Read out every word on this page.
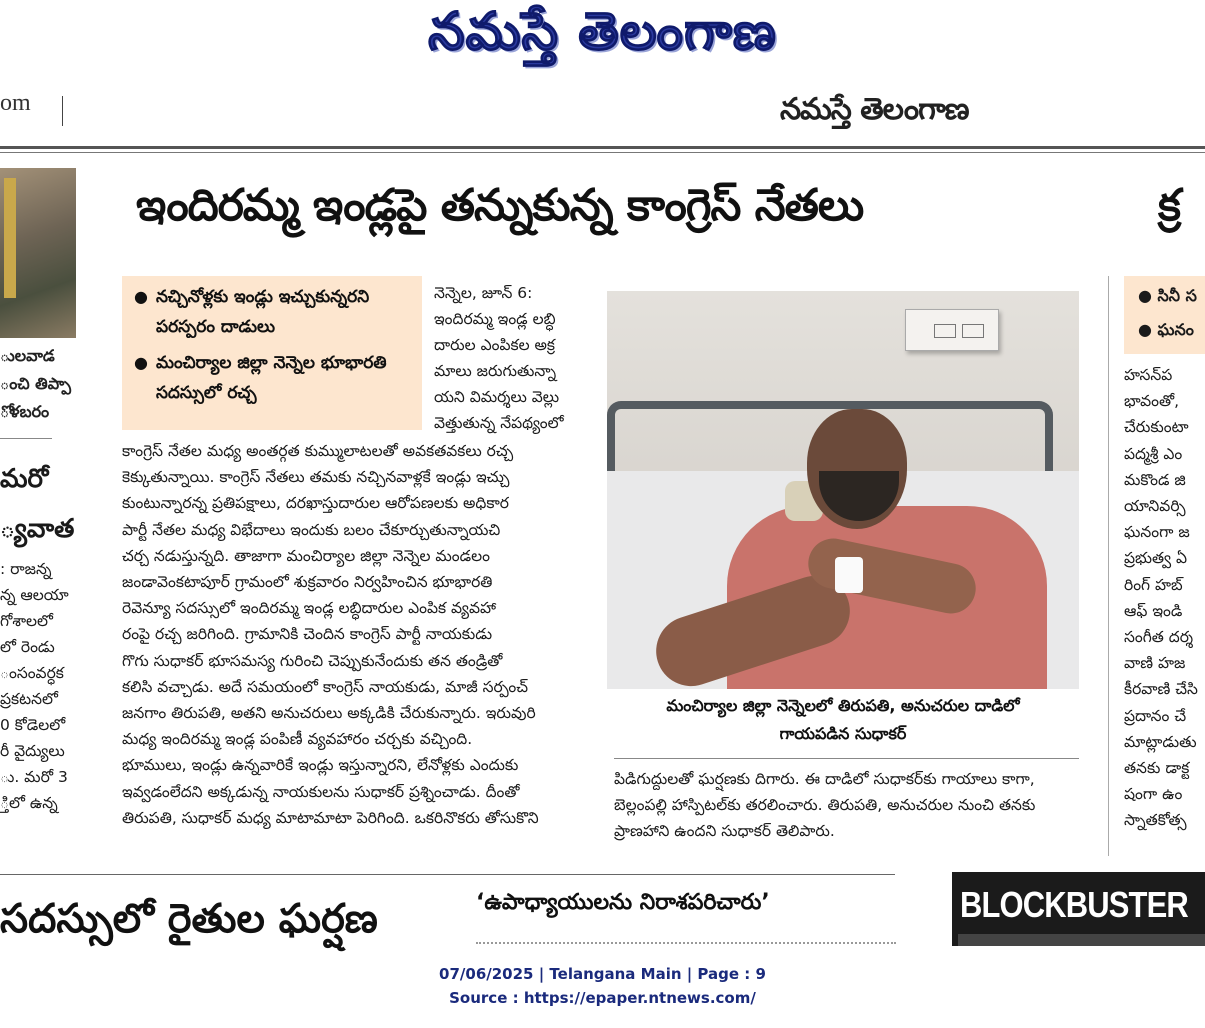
నమస్తే తెలంగాణ
om	నమస్తే తెలంగాణ
ులవాడ
ంచి తిప్పా
ోళబరం
మరో
్యవాత
: రాజన్న
న్న ఆలయా
గోశాలలో
లో రెండు
ంసంవర్ధక
ప్రకటనలో
0 కోడెలలో
రీ వైద్యులు
ు. మరో 3
్తిలో ఉన్న
ఇందిరమ్మ ఇండ్లపై తన్నుకున్న కాంగ్రెస్ నేతలు
● నచ్చినోళ్లకు ఇండ్లు ఇచ్చుకున్నరని పరస్పరం దాడులు
● మంచిర్యాల జిల్లా నెన్నెల భూభారతి సదస్సులో రచ్చ
నెన్నెల, జూన్ 6:
ఇందిరమ్మ ఇండ్ల లబ్ధి
దారుల ఎంపికల అక్ర
మాలు జరుగుతున్నా
యని విమర్శలు వెల్లు
వెత్తుతున్న నేపథ్యంలో
కాంగ్రెస్ నేతల మధ్య అంతర్గత కుమ్ములాటలతో అవకతవకలు రచ్చ
కెక్కుతున్నాయి. కాంగ్రెస్ నేతలు తమకు నచ్చినవాళ్లకే ఇండ్లు ఇచ్చు
కుంటున్నారన్న ప్రతిపక్షాలు, దరఖాస్తుదారుల ఆరోపణలకు అధికార
పార్టీ నేతల మధ్య విభేదాలు ఇందుకు బలం చేకూర్చుతున్నాయచి
చర్చ నడుస్తున్నది. తాజాగా మంచిర్యాల జిల్లా నెన్నెల మండలం
జండావెంకటాపూర్ గ్రామంలో శుక్రవారం నిర్వహించిన భూభారతి
రెవెన్యూ సదస్సులో ఇందిరమ్మ ఇండ్ల లబ్ధిదారుల ఎంపిక వ్యవహా
రంపై రచ్చ జరిగింది. గ్రామానికి చెందిన కాంగ్రెస్ పార్టీ నాయకుడు
గొగు సుధాకర్ భూసమస్య గురించి చెప్పుకునేందుకు తన తండ్రితో
కలిసి వచ్చాడు. అదే సమయంలో కాంగ్రెస్ నాయకుడు, మాజీ సర్పంచ్
జనగాం తిరుపతి, అతని అనుచరులు అక్కడికి చేరుకున్నారు. ఇరువురి
మధ్య ఇందిరమ్మ ఇండ్ల పంపిణీ వ్యవహారం చర్చకు వచ్చింది.
భూములు, ఇండ్లు ఉన్నవారికే ఇండ్లు ఇస్తున్నారని, లేనోళ్లకు ఎందుకు
ఇవ్వడంలేదని అక్కడున్న నాయకులను సుధాకర్ ప్రశ్నించాడు. దీంతో
తిరుపతి, సుధాకర్ మధ్య మాటామాటా పెరిగింది. ఒకరినొకరు తోసుకొని
మంచిర్యాల జిల్లా నెన్నెలలో తిరుపతి, అనుచరుల దాడిలో
గాయపడిన సుధాకర్
పిడిగుద్దులతో ఘర్షణకు దిగారు. ఈ దాడిలో సుధాకర్‌కు గాయాలు కాగా,
బెల్లంపల్లి హాస్పిటల్‌కు తరలించారు. తిరుపతి, అనుచరుల నుంచి తనకు
ప్రాణహాని ఉందని సుధాకర్ తెలిపారు.
క్ర
● సినీ స
● ఘనం
హసన్‌ప
భావంతో,
చేరుకుంటా
పద్మశ్రీ ఎం
మకొండ జి
యానివర్సి
ఘనంగా జ
ప్రభుత్వ ఏ
రింగ్ హబ్
ఆఫ్ ఇండి
సంగీత దర్శ
వాణి హజ
కీరవాణి చేసి
ప్రదానం చే
మాట్లాడుతు
తనకు డాక్ట
షంగా ఉం
స్నాతకోత్స
సదస్సులో రైతుల ఘర్షణ	‘ఉపాధ్యాయులను నిరాశపరిచారు’	BLOCKBUSTER
07/06/2025 | Telangana Main | Page : 9
Source : https://epaper.ntnews.com/
